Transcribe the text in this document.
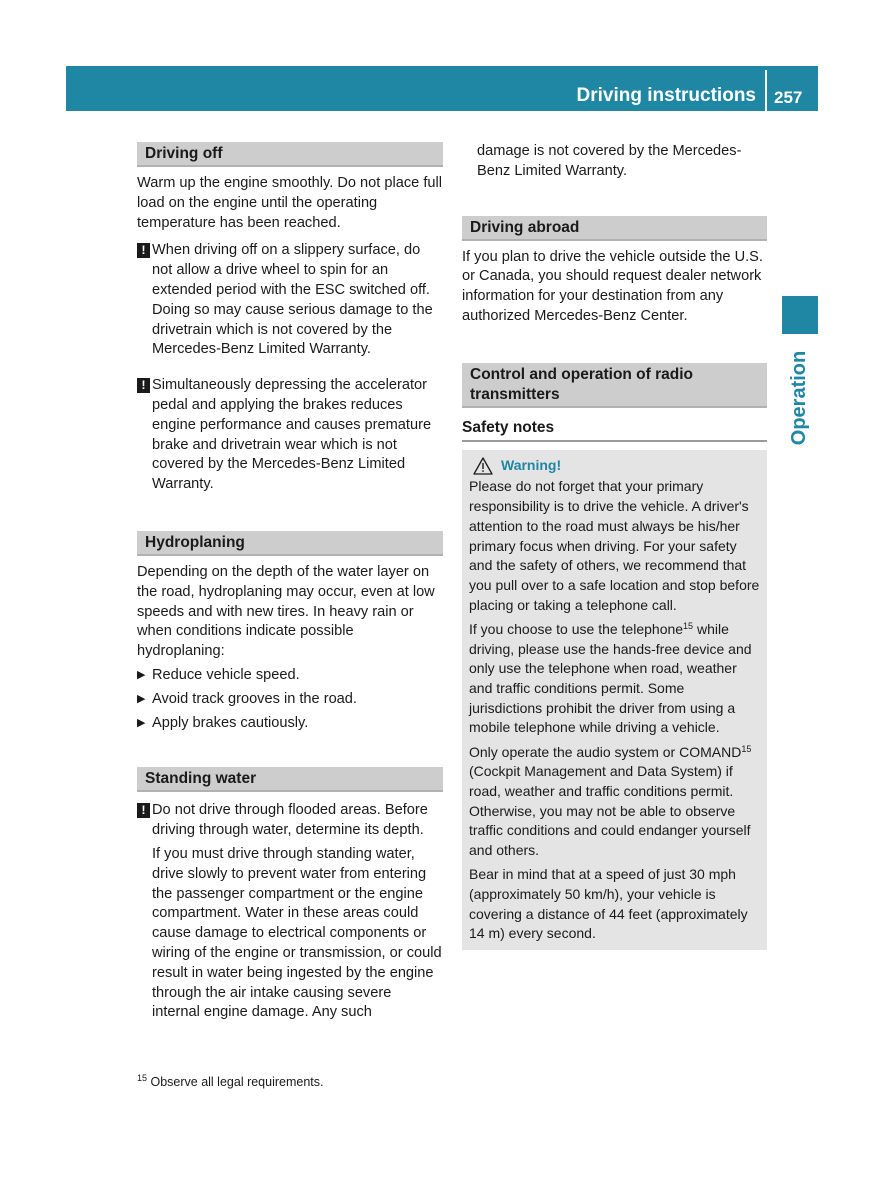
Driving instructions 257
Operation
Driving off

Warm up the engine smoothly. Do not place full load on the engine until the operating temperature has been reached.

! When driving off on a slippery surface, do not allow a drive wheel to spin for an extended period with the ESC switched off. Doing so may cause serious damage to the drivetrain which is not covered by the Mercedes-Benz Limited Warranty.

! Simultaneously depressing the accelerator pedal and applying the brakes reduces engine performance and causes premature brake and drivetrain wear which is not covered by the Mercedes-Benz Limited Warranty.

Hydroplaning

Depending on the depth of the water layer on the road, hydroplaning may occur, even at low speeds and with new tires. In heavy rain or when conditions indicate possible hydroplaning:

▶ Reduce vehicle speed.
▶ Avoid track grooves in the road.
▶ Apply brakes cautiously.
Standing water
! Do not drive through flooded areas. Before driving through water, determine its depth.

If you must drive through standing water, drive slowly to prevent water from entering the passenger compartment or the engine compartment. Water in these areas could cause damage to electrical components or wiring of the engine or transmission, or could result in water being ingested by the engine through the air intake causing severe internal engine damage. Any such

damage is not covered by the Mercedes-Benz Limited Warranty.

Driving abroad

If you plan to drive the vehicle outside the U.S. or Canada, you should request dealer network information for your destination from any authorized Mercedes-Benz Center.

Control and operation of radio transmitters
Safety notes
Warning!

Please do not forget that your primary responsibility is to drive the vehicle. A driver's attention to the road must always be his/her primary focus when driving. For your safety and the safety of others, we recommend that you pull over to a safe location and stop before placing or taking a telephone call.

If you choose to use the telephone$^{15}$ while driving, please use the hands-free device and only use the telephone when road, weather and traffic conditions permit. Some jurisdictions prohibit the driver from using a mobile telephone while driving a vehicle.

Only operate the audio system or COMAND$^{15}$ (Cockpit Management and Data System) if road, weather and traffic conditions permit. Otherwise, you may not be able to observe traffic conditions and could endanger yourself and others.

Bear in mind that at a speed of just 30 mph (approximately 50 km/h), your vehicle is covering a distance of 44 feet (approximately 14 m) every second.

$^{15}$ Observe all legal requirements.
